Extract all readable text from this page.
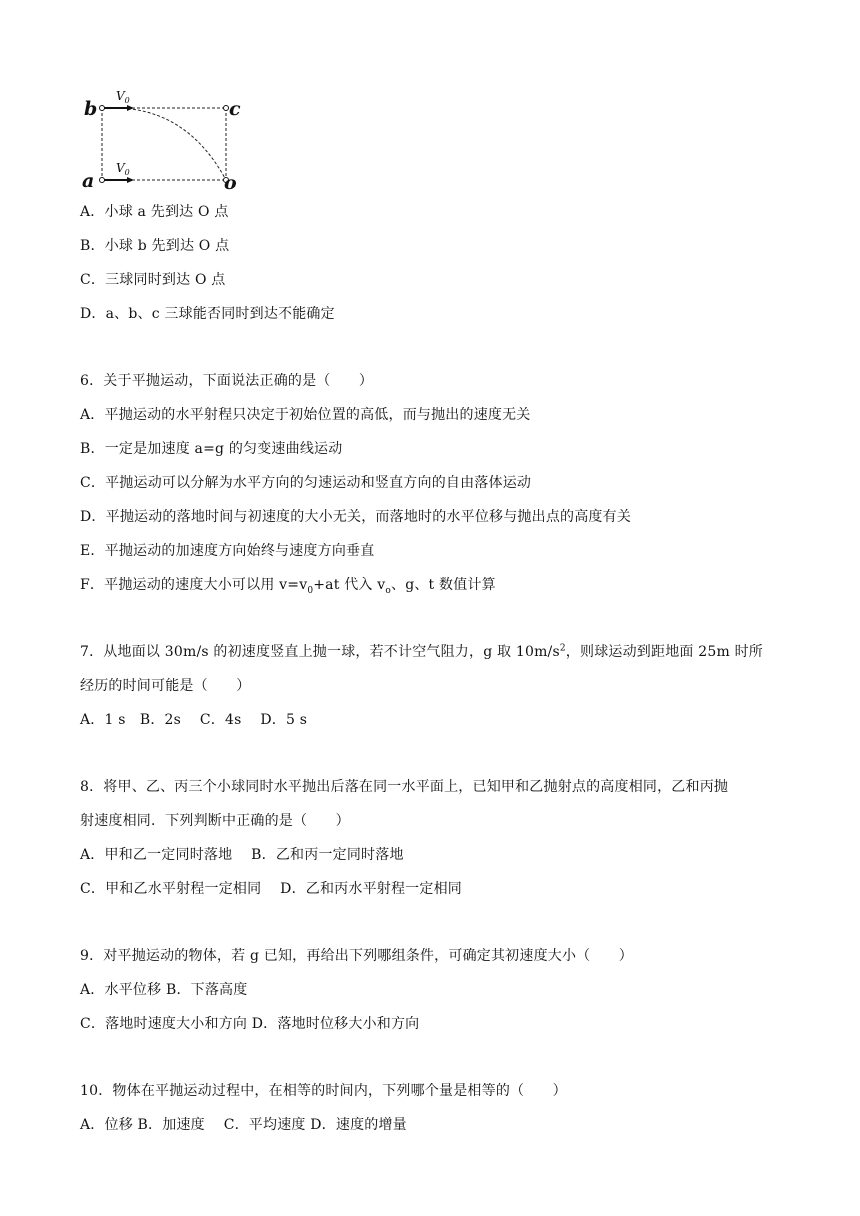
b	c
a	o
$V_0$
$V_0$
A．小球 a 先到达 O 点
B．小球 b 先到达 O 点
C．三球同时到达 O 点
D．a、b、c 三球能否同时到达不能确定
6．关于平抛运动，下面说法正确的是（　　）
A．平抛运动的水平射程只决定于初始位置的高低，而与抛出的速度无关
B．一定是加速度 a=g 的匀变速曲线运动
C．平抛运动可以分解为水平方向的匀速运动和竖直方向的自由落体运动
D．平抛运动的落地时间与初速度的大小无关，而落地时的水平位移与抛出点的高度有关
E．平抛运动的加速度方向始终与速度方向垂直
F．平抛运动的速度大小可以用 $v=v_0+at$ 代入 $v_o$、g、t 数值计算
7．从地面以 30m/s 的初速度竖直上抛一球，若不计空气阻力，g 取 $10m/s^2$，则球运动到距地面 25m 时所
经历的时间可能是（　　）
A．1 s　B．2s　 C．4s　 D．5 s
8．将甲、乙、丙三个小球同时水平抛出后落在同一水平面上，已知甲和乙抛射点的高度相同，乙和丙抛
射速度相同．下列判断中正确的是（　　）
A．甲和乙一定同时落地　 B．乙和丙一定同时落地
C．甲和乙水平射程一定相同　 D．乙和丙水平射程一定相同
9．对平抛运动的物体，若 g 已知，再给出下列哪组条件，可确定其初速度大小（　　）
A．水平位移 B．下落高度
C．落地时速度大小和方向 D．落地时位移大小和方向
10．物体在平抛运动过程中，在相等的时间内，下列哪个量是相等的（　　）
A．位移 B．加速度　 C．平均速度 D．速度的增量
